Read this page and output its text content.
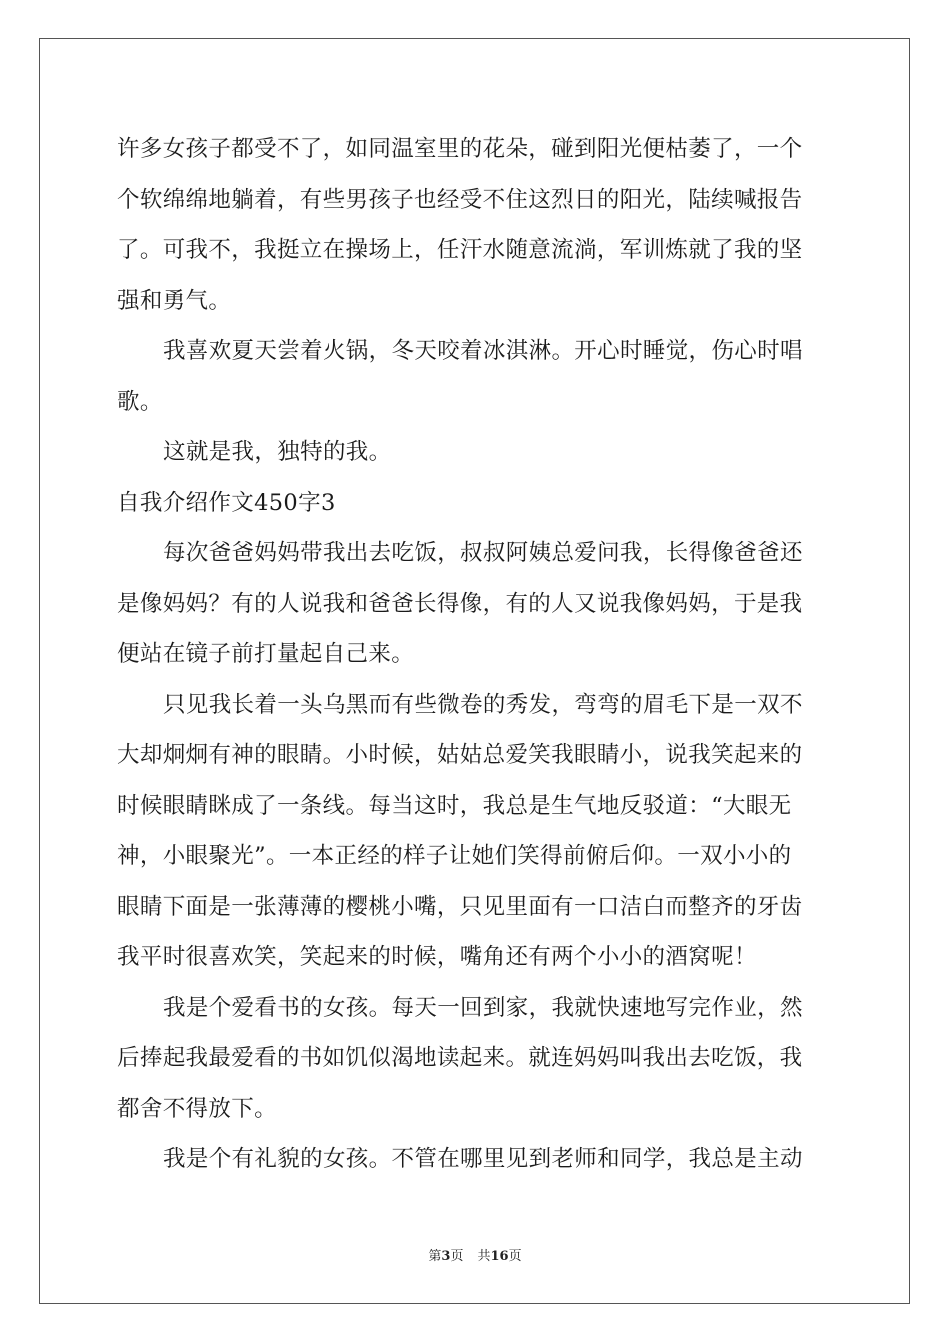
许多女孩子都受不了，如同温室里的花朵，碰到阳光便枯萎了，一个
个软绵绵地躺着，有些男孩子也经受不住这烈日的阳光，陆续喊报告
了。可我不，我挺立在操场上，任汗水随意流淌，军训炼就了我的坚
强和勇气。
我喜欢夏天尝着火锅，冬天咬着冰淇淋。开心时睡觉，伤心时唱
歌。
这就是我，独特的我。
自我介绍作文450字3
每次爸爸妈妈带我出去吃饭，叔叔阿姨总爱问我，长得像爸爸还
是像妈妈？有的人说我和爸爸长得像，有的人又说我像妈妈，于是我
便站在镜子前打量起自己来。
只见我长着一头乌黑而有些微卷的秀发，弯弯的眉毛下是一双不
大却炯炯有神的眼睛。小时候，姑姑总爱笑我眼睛小，说我笑起来的
时候眼睛眯成了一条线。每当这时，我总是生气地反驳道：“大眼无
神，小眼聚光”。一本正经的样子让她们笑得前俯后仰。一双小小的
眼睛下面是一张薄薄的樱桃小嘴，只见里面有一口洁白而整齐的牙齿
我平时很喜欢笑，笑起来的时候，嘴角还有两个小小的酒窝呢！
我是个爱看书的女孩。每天一回到家，我就快速地写完作业，然
后捧起我最爱看的书如饥似渴地读起来。就连妈妈叫我出去吃饭，我
都舍不得放下。
我是个有礼貌的女孩。不管在哪里见到老师和同学，我总是主动
第3页 共16页
